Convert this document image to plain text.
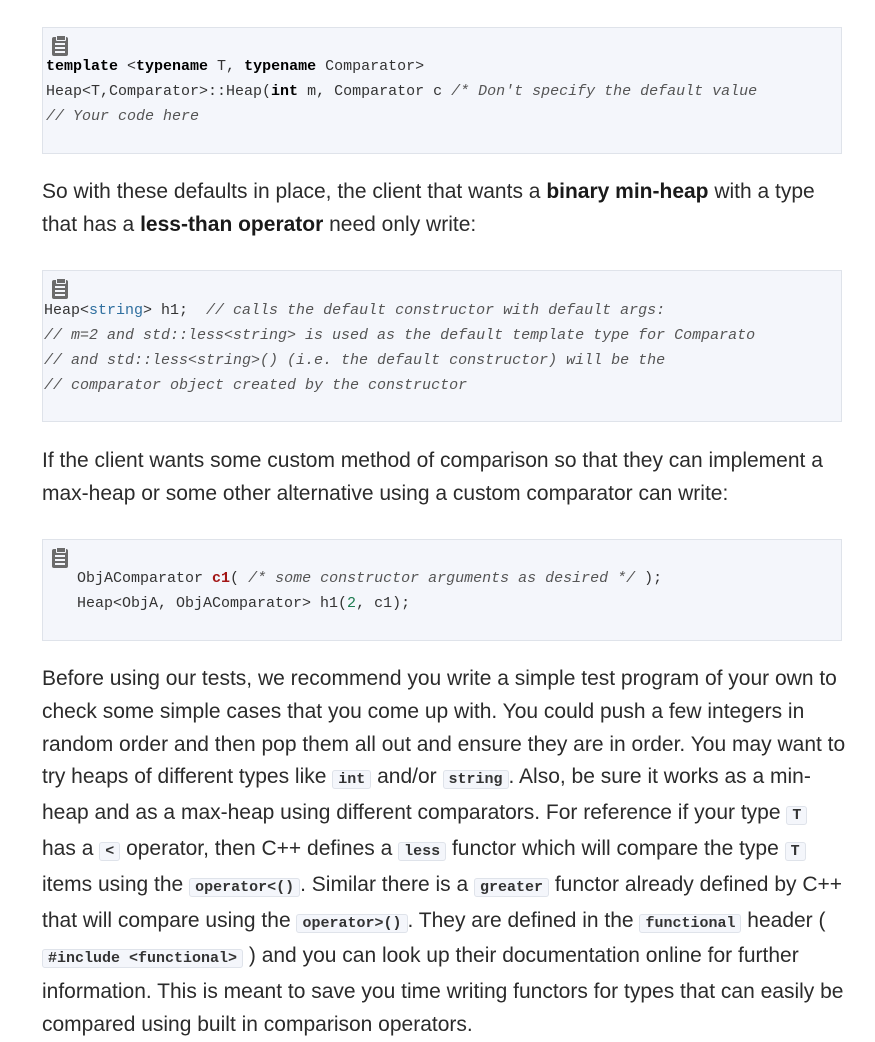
template <typename T, typename Comparator>
Heap<T,Comparator>::Heap(int m, Comparator c /* Don't specify the default value
// Your code here

So with these defaults in place, the client that wants a binary min-heap with a type that has a less-than operator need only write:

Heap<string> h1;  // calls the default constructor with default args:
// m=2 and std::less<string> is used as the default template type for Comparato
// and std::less<string>() (i.e. the default constructor) will be the
// comparator object created by the constructor

If the client wants some custom method of comparison so that they can implement a max-heap or some other alternative using a custom comparator can write:

ObjAComparator c1( /* some constructor arguments as desired */ );
Heap<ObjA, ObjAComparator> h1(2, c1);

Before using our tests, we recommend you write a simple test program of your own to check some simple cases that you come up with. You could push a few integers in random order and then pop them all out and ensure they are in order. You may want to try heaps of different types like int and/or string . Also, be sure it works as a min-heap and as a max-heap using different comparators. For reference if your type T has a < operator, then C++ defines a less functor which will compare the type T items using the operator<() . Similar there is a greater functor already defined by C++ that will compare using the operator>() . They are defined in the functional header ( #include <functional> ) and you can look up their documentation online for further information. This is meant to save you time writing functors for types that can easily be compared using built in comparison operators.
